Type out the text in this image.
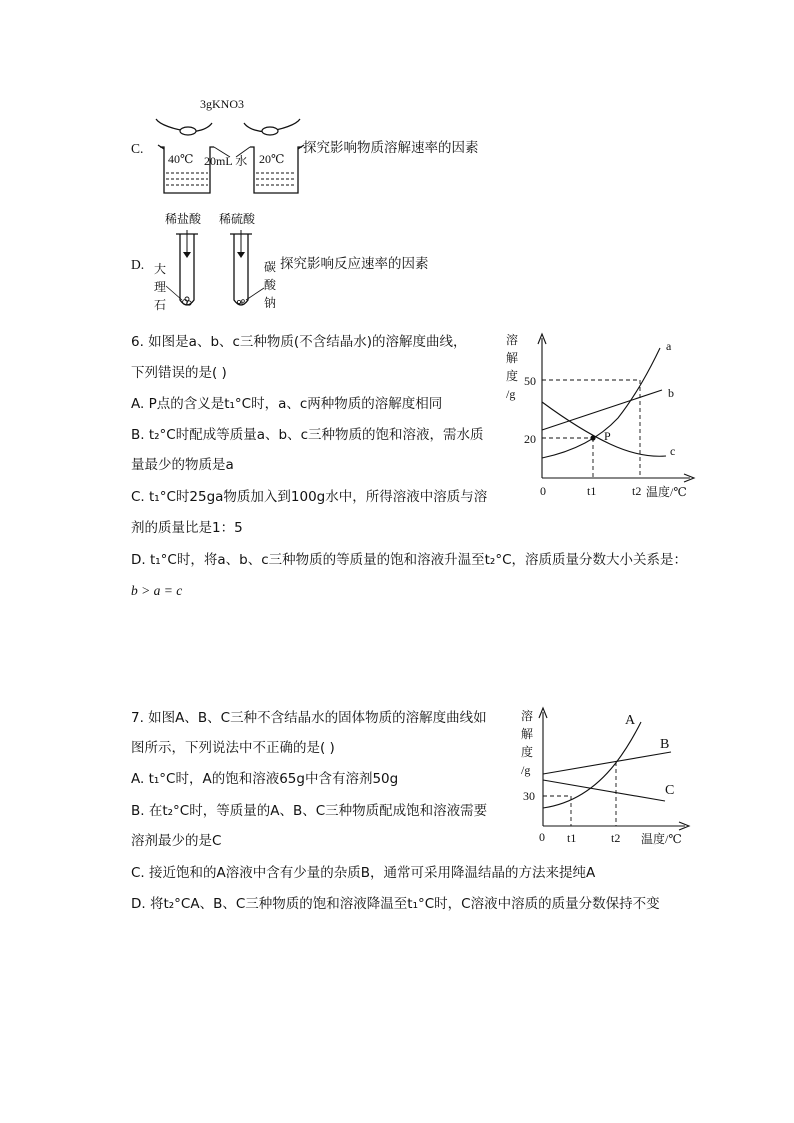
C.
3gKNO3
40℃ 20mL 水 20℃
探究影响物质溶解速率的因素
D.
稀盐酸 稀硫酸
大
理
石
碳
酸
钠
探究影响反应速率的因素
6. 如图是a、b、c三种物质(不含结晶水)的溶解度曲线，
下列错误的是( )
A. P点的含义是t₁°C时，a、c两种物质的溶解度相同
B. t₂°C时配成等质量a、b、c三种物质的饱和溶液，需水质
量最少的物质是a
C. t₁°C时25ga物质加入到100g水中，所得溶液中溶质与溶
剂的质量比是1：5
D. t₁°C时，将a、b、c三种物质的等质量的饱和溶液升温至t₂°C，溶质质量分数大小关系是：
b > a = c
溶
解
度
/g
50
20
0	t1	t2 温度/℃
P
a
b
c
7. 如图A、B、C三种不含结晶水的固体物质的溶解度曲线如
图所示，下列说法中不正确的是( )
A. t₁°C时，A的饱和溶液65g中含有溶剂50g
B. 在t₂°C时，等质量的A、B、C三种物质配成饱和溶液需要
溶剂最少的是C
C. 接近饱和的A溶液中含有少量的杂质B，通常可采用降温结晶的方法来提纯A
D. 将t₂°CA、B、C三种物质的饱和溶液降温至t₁°C时，C溶液中溶质的质量分数保持不变
溶
解
度
/g
30
0 t1	t2 温度/℃
A
B
C
